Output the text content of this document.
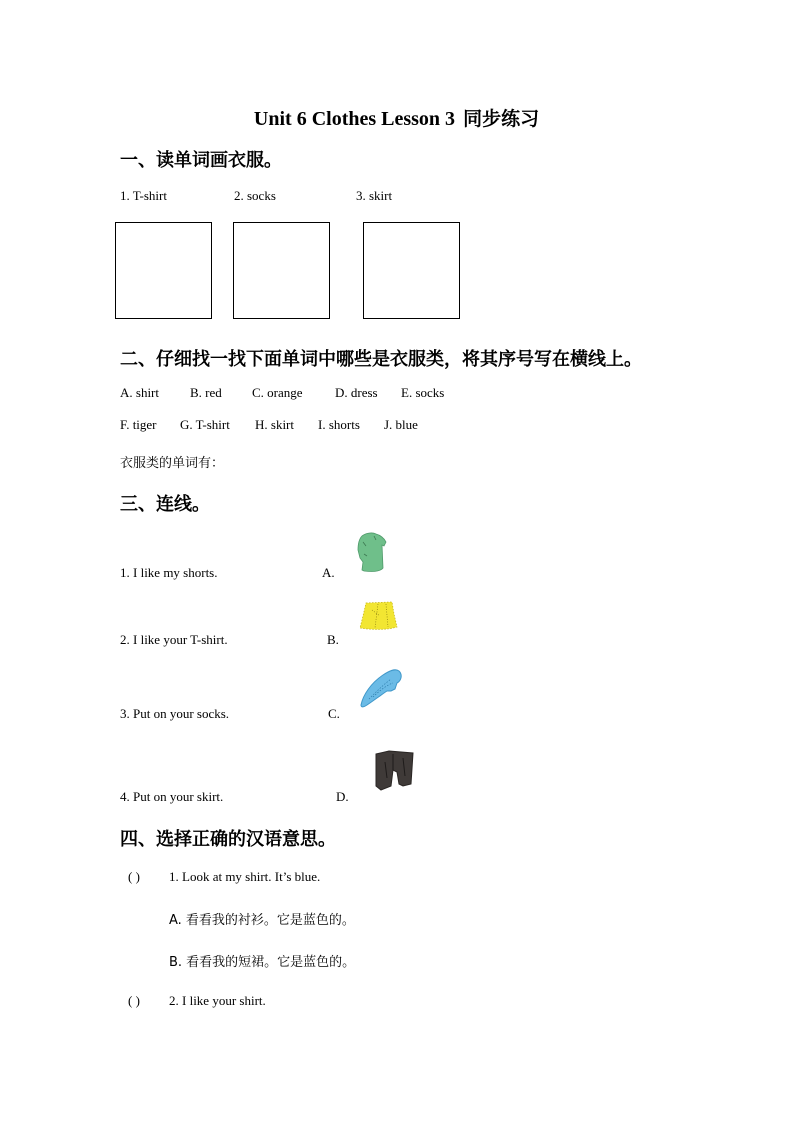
Unit 6 Clothes Lesson 3 同步练习
一、读单词画衣服。
1. T-shirt	2. socks	3. skirt
二、仔细找一找下面单词中哪些是衣服类，将其序号写在横线上。
A. shirt B. red C. orange D. dress E. socks
F. tiger G. T-shirt H. skirt I. shorts J. blue
衣服类的单词有：
三、连线。
1. I like my shorts.
2. I like your T-shirt.
3. Put on your socks.
4. Put on your skirt.
A.
B.
C.
D.
四、选择正确的汉语意思。
( ) 1. Look at my shirt. It’s blue.
A. 看看我的衬衫。它是蓝色的。
B. 看看我的短裙。它是蓝色的。
( ) 2. I like your shirt.
